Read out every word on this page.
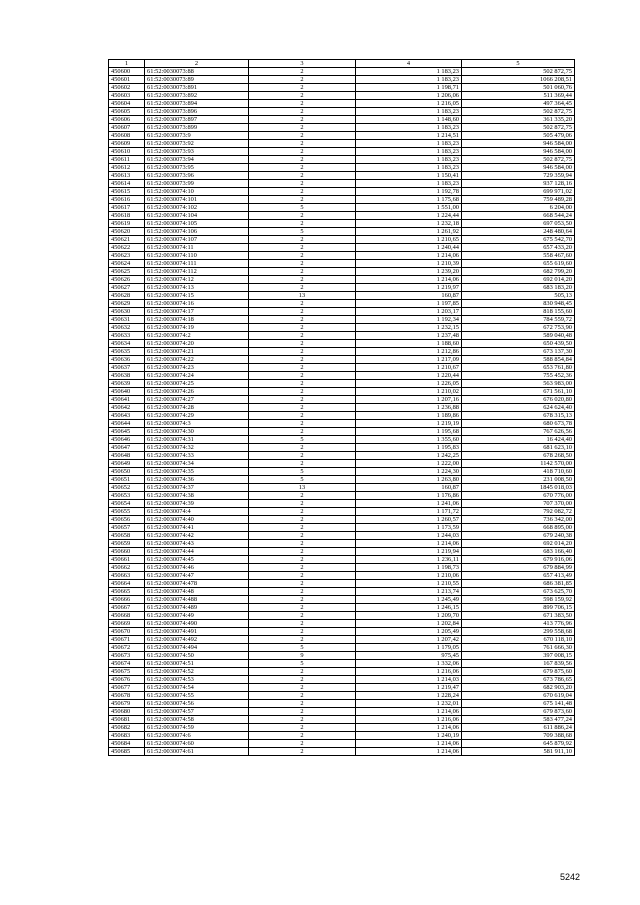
1	2	3	4	5
450600	61:52:0030073:88	2	1 183,23	502 872,75
450601	61:52:0030073:89	2	1 183,23	1066 208,51
450602	61:52:0030073:891	2	1 198,71	501 060,76
450603	61:52:0030073:892	2	1 206,06	511 369,44
450604	61:52:0030073:894	2	1 216,05	497 364,45
450605	61:52:0030073:896	2	1 183,23	502 872,75
450606	61:52:0030073:897	2	1 148,60	361 335,20
450607	61:52:0030073:899	2	1 183,23	502 872,75
450608	61:52:0030073:9	2	1 214,51	505 479,06
450609	61:52:0030073:92	2	1 183,23	946 584,00
450610	61:52:0030073:93	2	1 183,23	946 584,00
450611	61:52:0030073:94	2	1 183,23	502 872,75
450612	61:52:0030073:95	2	1 183,23	946 584,00
450613	61:52:0030073:96	2	1 150,41	729 359,94
450614	61:52:0030073:99	2	1 183,23	937 128,16
450615	61:52:0030074:10	2	1 192,78	699 971,02
450616	61:52:0030074:101	2	1 175,68	759 489,28
450617	61:52:0030074:102	5	1 551,00	6 204,00
450618	61:52:0030074:104	2	1 224,44	668 544,24
450619	61:52:0030074:105	2	1 232,18	697 053,50
450620	61:52:0030074:106	5	1 261,92	248 480,64
450621	61:52:0030074:107	2	1 210,65	675 542,70
450622	61:52:0030074:11	2	1 240,44	657 433,20
450623	61:52:0030074:110	2	1 214,06	558 467,60
450624	61:52:0030074:111	2	1 210,39	655 619,60
450625	61:52:0030074:112	2	1 239,20	682 799,20
450626	61:52:0030074:12	2	1 214,06	692 014,20
450627	61:52:0030074:13	2	1 219,97	683 183,20
450628	61:52:0030074:15	13	160,87	505,13
450629	61:52:0030074:16	2	1 197,85	830 948,45
450630	61:52:0030074:17	2	1 203,17	818 155,60
450631	61:52:0030074:18	2	1 192,34	784 559,72
450632	61:52:0030074:19	2	1 232,15	672 753,90
450633	61:52:0030074:2	2	1 237,48	589 040,48
450634	61:52:0030074:20	2	1 188,60	650 439,50
450635	61:52:0030074:21	2	1 212,86	673 137,30
450636	61:52:0030074:22	2	1 217,09	588 854,84
450637	61:52:0030074:23	2	1 210,67	653 761,80
450638	61:52:0030074:24	2	1 220,44	755 452,36
450639	61:52:0030074:25	2	1 226,05	563 983,00
450640	61:52:0030074:26	2	1 210,02	671 561,10
450641	61:52:0030074:27	2	1 207,16	676 020,80
450642	61:52:0030074:28	2	1 236,88	624 624,40
450643	61:52:0030074:29	2	1 189,86	678 315,13
450644	61:52:0030074:3	2	1 219,19	680 673,78
450645	61:52:0030074:30	2	1 195,68	767 626,56
450646	61:52:0030074:31	5	1 355,60	16 424,40
450647	61:52:0030074:32	2	1 195,83	681 623,10
450648	61:52:0030074:33	2	1 242,25	678 268,50
450649	61:52:0030074:34	2	1 222,00	1142 570,00
450650	61:52:0030074:35	5	1 224,30	418 710,60
450651	61:52:0030074:36	5	1 263,80	231 008,50
450652	61:52:0030074:37	13	160,87	1845 018,03
450653	61:52:0030074:38	2	1 176,86	670 776,00
450654	61:52:0030074:39	2	1 241,06	707 370,00
450655	61:52:0030074:4	2	1 171,72	792 082,72
450656	61:52:0030074:40	2	1 260,57	736 342,00
450657	61:52:0030074:41	2	1 173,59	668 895,00
450658	61:52:0030074:42	2	1 244,03	679 240,38
450659	61:52:0030074:43	2	1 214,06	692 014,20
450660	61:52:0030074:44	2	1 219,94	683 166,40
450661	61:52:0030074:45	2	1 236,11	679 916,06
450662	61:52:0030074:46	2	1 198,73	679 884,99
450663	61:52:0030074:47	2	1 210,06	657 413,49
450664	61:52:0030074:478	2	1 210,55	686 381,85
450665	61:52:0030074:48	2	1 213,74	673 625,70
450666	61:52:0030074:488	2	1 245,49	598 159,92
450667	61:52:0030074:489	2	1 246,15	899 706,15
450668	61:52:0030074:49	2	1 209,70	671 383,50
450669	61:52:0030074:490	2	1 202,84	413 776,96
450670	61:52:0030074:491	2	1 205,49	299 558,68
450671	61:52:0030074:492	2	1 207,42	670 118,10
450672	61:52:0030074:494	5	1 179,05	761 666,30
450673	61:52:0030074:50	9	975,45	397 008,15
450674	61:52:0030074:51	5	1 332,06	167 839,56
450675	61:52:0030074:52	2	1 216,06	679 875,60
450676	61:52:0030074:53	2	1 214,03	673 786,65
450677	61:52:0030074:54	2	1 219,47	682 903,20
450678	61:52:0030074:55	2	1 228,24	670 619,04
450679	61:52:0030074:56	2	1 232,01	675 141,48
450680	61:52:0030074:57	2	1 214,06	679 873,60
450681	61:52:0030074:58	2	1 216,06	583 477,24
450682	61:52:0030074:59	2	1 214,06	611 886,24
450683	61:52:0030074:6	2	1 240,19	709 388,68
450684	61:52:0030074:60	2	1 214,06	645 879,92
450685	61:52:0030074:61	2	1 214,06	581 911,10
5242
